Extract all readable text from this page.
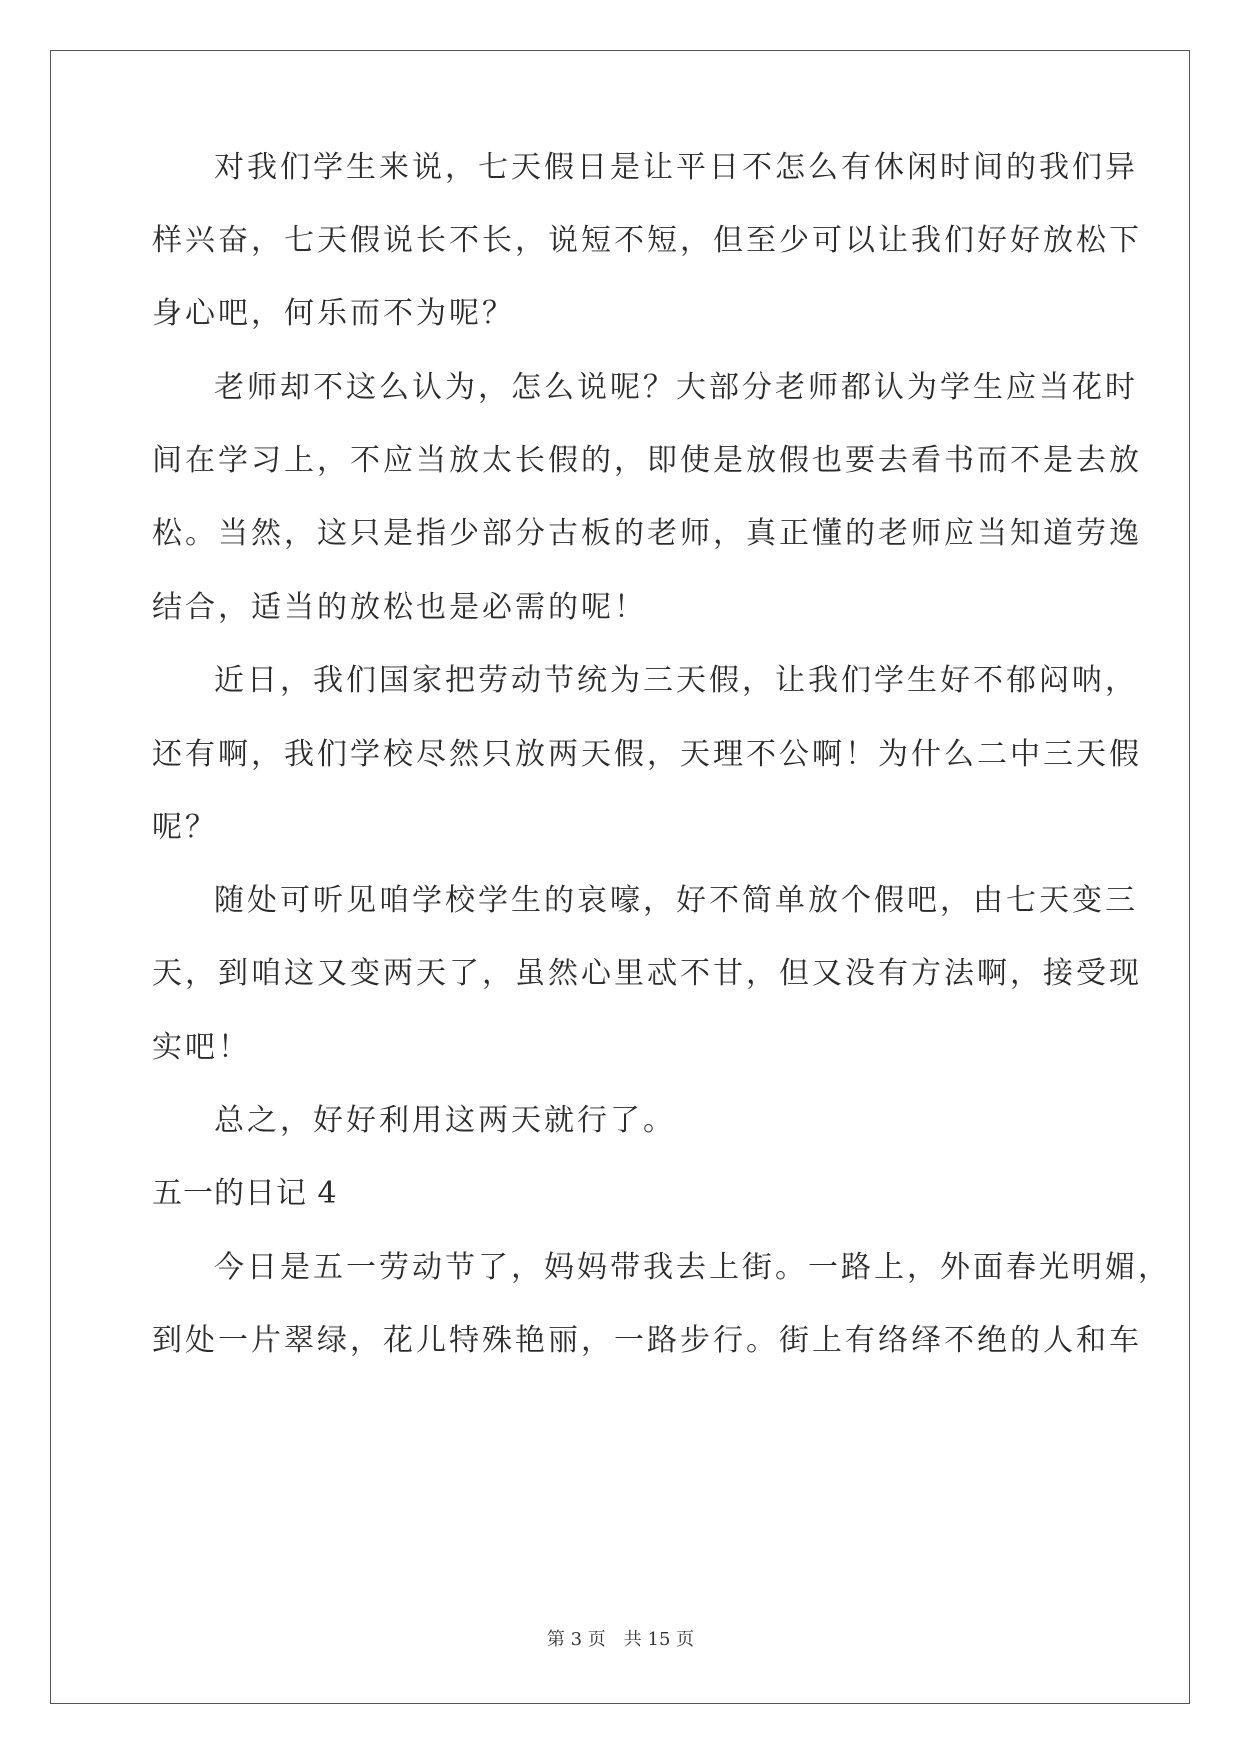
对我们学生来说，七天假日是让平日不怎么有休闲时间的我们异
样兴奋，七天假说长不长，说短不短，但至少可以让我们好好放松下
身心吧，何乐而不为呢？
老师却不这么认为，怎么说呢？大部分老师都认为学生应当花时
间在学习上，不应当放太长假的，即使是放假也要去看书而不是去放
松。当然，这只是指少部分古板的老师，真正懂的老师应当知道劳逸
结合，适当的放松也是必需的呢！
近日，我们国家把劳动节统为三天假，让我们学生好不郁闷呐，
还有啊，我们学校尽然只放两天假，天理不公啊！为什么二中三天假
呢？
随处可听见咱学校学生的哀嚎，好不简单放个假吧，由七天变三
天，到咱这又变两天了，虽然心里忒不甘，但又没有方法啊，接受现
实吧！
总之，好好利用这两天就行了。
五一的日记 4
今日是五一劳动节了，妈妈带我去上街。一路上，外面春光明媚，
到处一片翠绿，花儿特殊艳丽，一路步行。街上有络绎不绝的人和车
第 3 页 共 15 页
